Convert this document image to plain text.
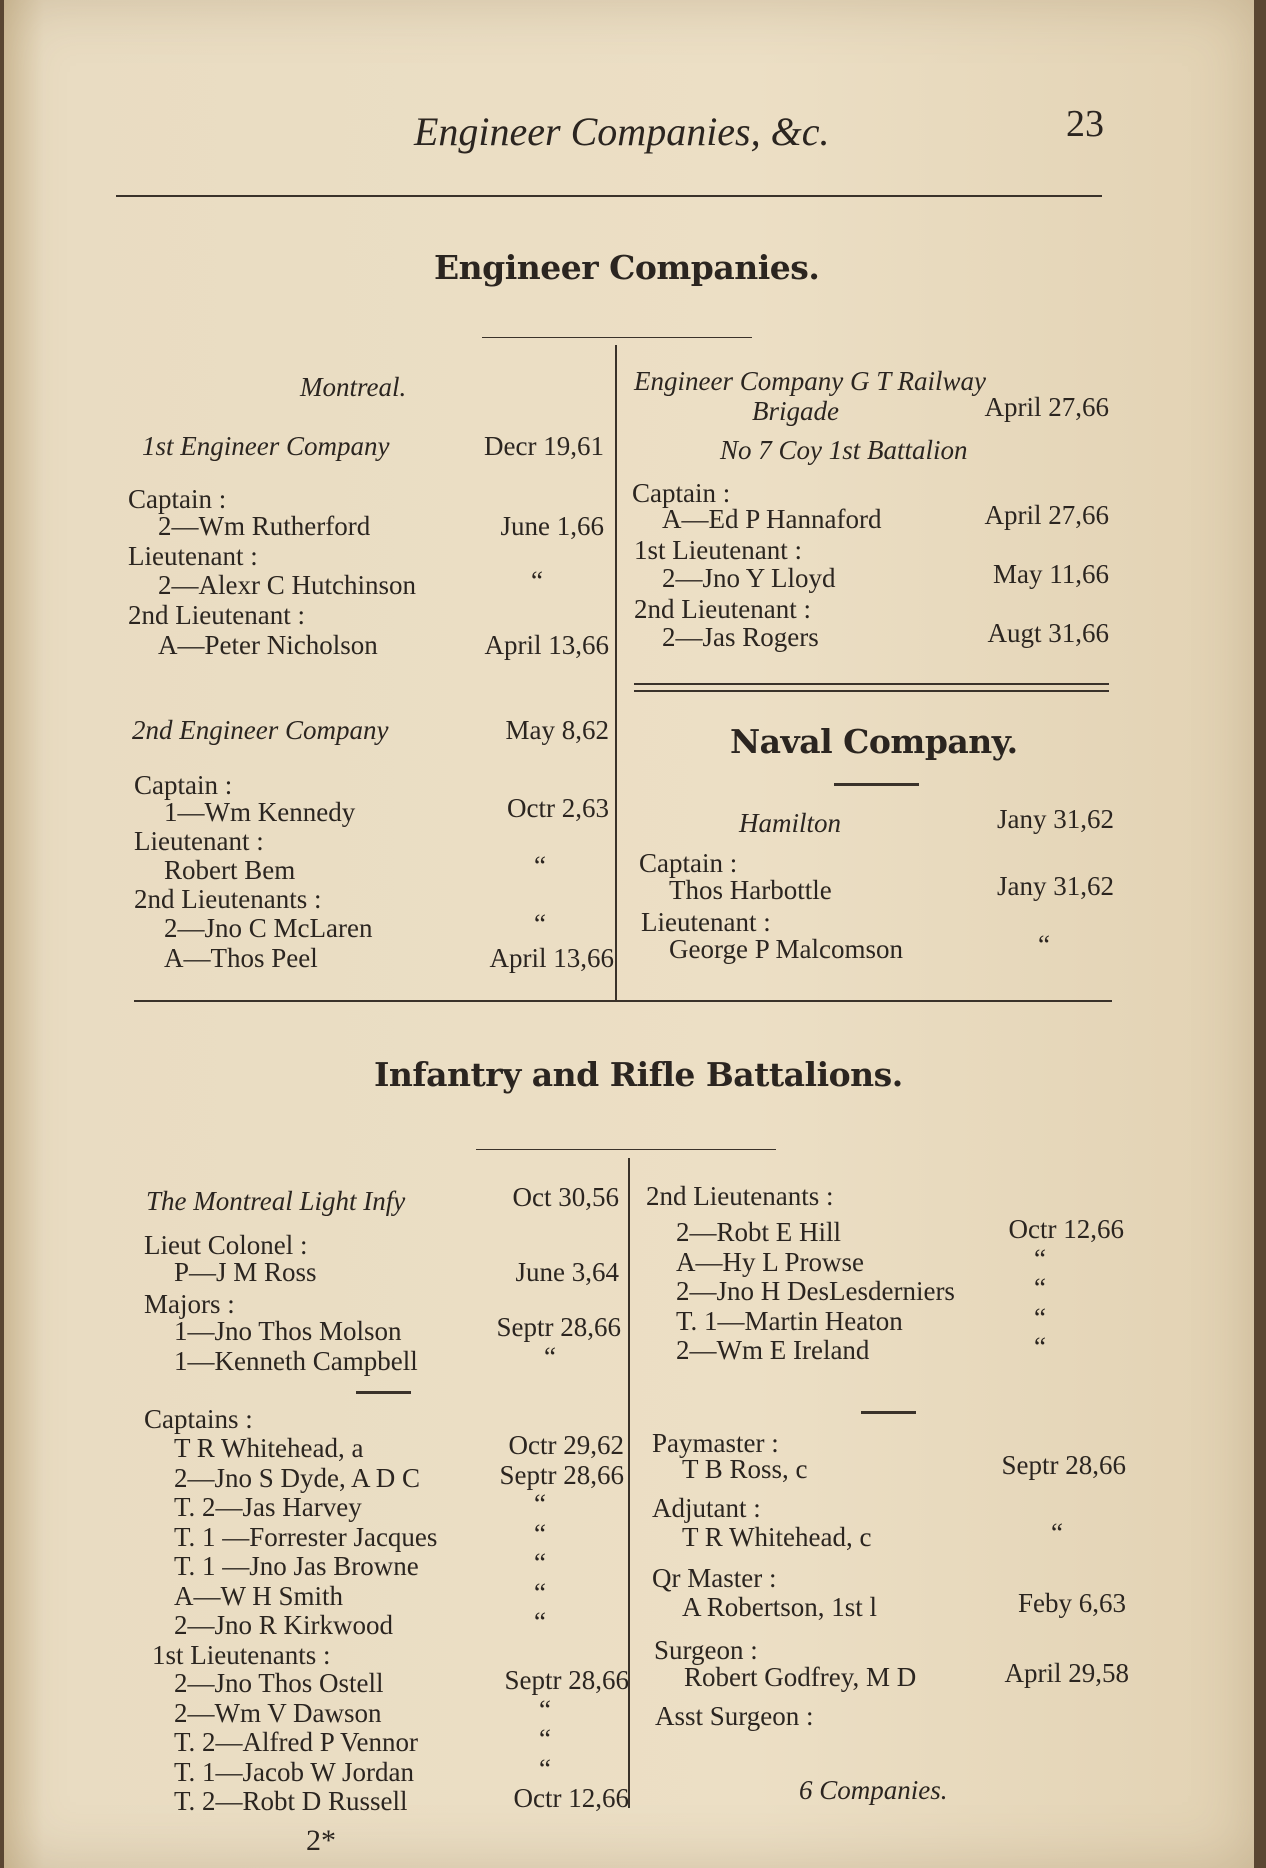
Engineer Companies, &c.	23
Engineer Companies.
Montreal.
1st Engineer Company	Decr 19,61
Captain :
2—Wm Rutherford	June 1,66
Lieutenant :
2—Alexr C Hutchinson	“
2nd Lieutenant :
A—Peter Nicholson	April 13,66
2nd Engineer Company	May 8,62
Captain :
1—Wm Kennedy	Octr 2,63
Lieutenant :
Robert Bem	“
2nd Lieutenants :
2—Jno C McLaren	“
A—Thos Peel	April 13,66
Engineer Company G T Railway
Brigade	April 27,66
No 7 Coy 1st Battalion
Captain :
A—Ed P Hannaford	April 27,66
1st Lieutenant :
2—Jno Y Lloyd	May 11,66
2nd Lieutenant :
2—Jas Rogers	Augt 31,66
Naval Company.
Hamilton	Jany 31,62
Captain :
Thos Harbottle	Jany 31,62
Lieutenant :
George P Malcomson	“
Infantry and Rifle Battalions.
The Montreal Light Infy	Oct 30,56
Lieut Colonel :
P—J M Ross	June 3,64
Majors :
1—Jno Thos Molson	Septr 28,66
1—Kenneth Campbell	“
Captains :
T R Whitehead, a	Octr 29,62
2—Jno S Dyde, A D C	Septr 28,66
T. 2—Jas Harvey	“
T. 1 —Forrester Jacques	“
T. 1 —Jno Jas Browne	“
A—W H Smith	“
2—Jno R Kirkwood	“
1st Lieutenants :
2—Jno Thos Ostell	Septr 28,66
2—Wm V Dawson	“
T. 2—Alfred P Vennor	“
T. 1—Jacob W Jordan	“
T. 2—Robt D Russell	Octr 12,66
2*
2nd Lieutenants :
2—Robt E Hill	Octr 12,66
A—Hy L Prowse	“
2—Jno H DesLesderniers	“
T. 1—Martin Heaton	“
2—Wm E Ireland	“
Paymaster :
T B Ross, c	Septr 28,66
Adjutant :
T R Whitehead, c	“
Qr Master :
A Robertson, 1st l	Feby 6,63
Surgeon :
Robert Godfrey, M D	April 29,58
Asst Surgeon :
6 Companies.
